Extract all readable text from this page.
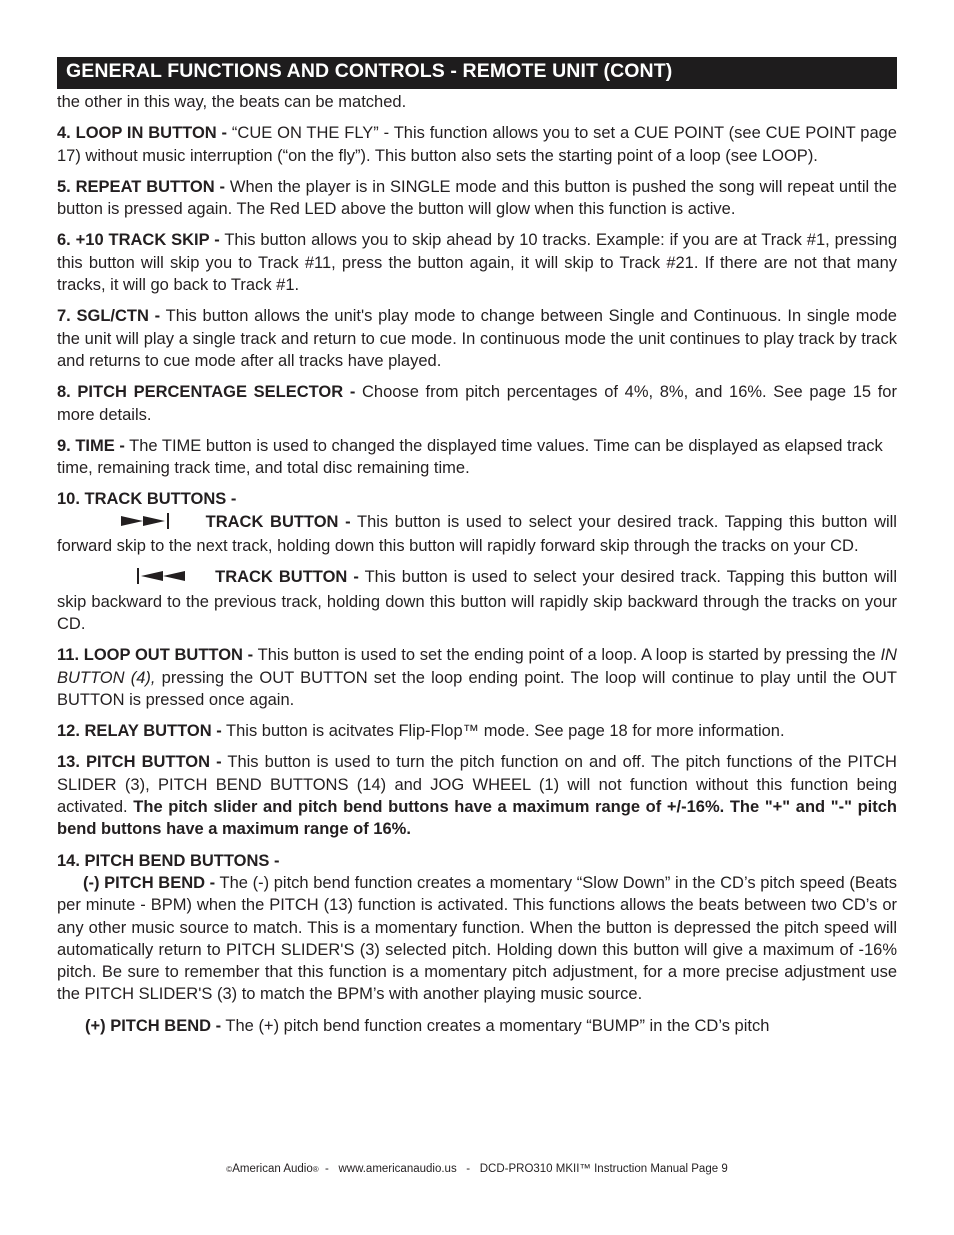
GENERAL FUNCTIONS AND CONTROLS - REMOTE UNIT (CONT)

the other in this way, the beats can be matched.

4. LOOP IN BUTTON - “CUE ON THE FLY” - This function allows you to set a CUE POINT (see CUE POINT page 17) without music interruption (“on the fly”). This button also sets the starting point of a loop (see LOOP).

5. REPEAT BUTTON - When the player is in SINGLE mode and this button is pushed the song will repeat until the button is pressed again. The Red LED above the button will glow when this function is active.

6. +10 TRACK SKIP - This button allows you to skip ahead by 10 tracks. Example: if you are at Track #1, pressing this button will skip you to Track #11, press the button again, it will skip to Track #21. If there are not that many tracks, it will go back to Track #1.

7. SGL/CTN - This button allows the unit's play mode to change between Single and Continuous. In single mode the unit will play a single track and return to cue mode. In continuous mode the unit continues to play track by track and returns to cue mode after all tracks have played.

8. PITCH PERCENTAGE SELECTOR - Choose from pitch percentages of 4%, 8%, and 16%. See page 15 for more details.

9. TIME - The TIME button is used to changed the displayed time values. Time can be displayed as elapsed track time, remaining track time, and total disc remaining time.

10. TRACK BUTTONS -

TRACK BUTTON - This button is used to select your desired track. Tapping this button will forward skip to the next track, holding down this button will rapidly forward skip through the tracks on your CD.

TRACK BUTTON - This button is used to select your desired track. Tapping this button will skip backward to the previous track, holding down this button will rapidly skip backward through the tracks on your CD.

11. LOOP OUT BUTTON - This button is used to set the ending point of a loop. A loop is started by pressing the IN BUTTON (4), pressing the OUT BUTTON set the loop ending point. The loop will continue to play until the OUT BUTTON is pressed once again.

12. RELAY BUTTON - This button is acitvates Flip-Flop™ mode. See page 18 for more information.

13. PITCH BUTTON - This button is used to turn the pitch function on and off. The pitch functions of the PITCH SLIDER (3), PITCH BEND BUTTONS (14) and JOG WHEEL (1) will not function without this function being activated. The pitch slider and pitch bend buttons have a maximum range of +/-16%. The "+" and "-" pitch bend buttons have a maximum range of 16%.

14. PITCH BEND BUTTONS -

(-) PITCH BEND - The (-) pitch bend function creates a momentary “Slow Down” in the CD’s pitch speed (Beats per minute - BPM) when the PITCH (13) function is activated. This functions allows the beats between two CD’s or any other music source to match. This is a momentary function. When the button is depressed the pitch speed will automatically return to PITCH SLIDER'S (3) selected pitch. Holding down this button will give a maximum of -16% pitch. Be sure to remember that this function is a momentary pitch adjustment, for a more precise adjustment use the PITCH SLIDER'S (3) to match the BPM’s with another playing music source.

(+) PITCH BEND - The (+) pitch bend function creates a momentary “BUMP” in the CD’s pitch

©American Audio®  -   www.americanaudio.us   -   DCD-PRO310 MKII™ Instruction Manual Page 9
